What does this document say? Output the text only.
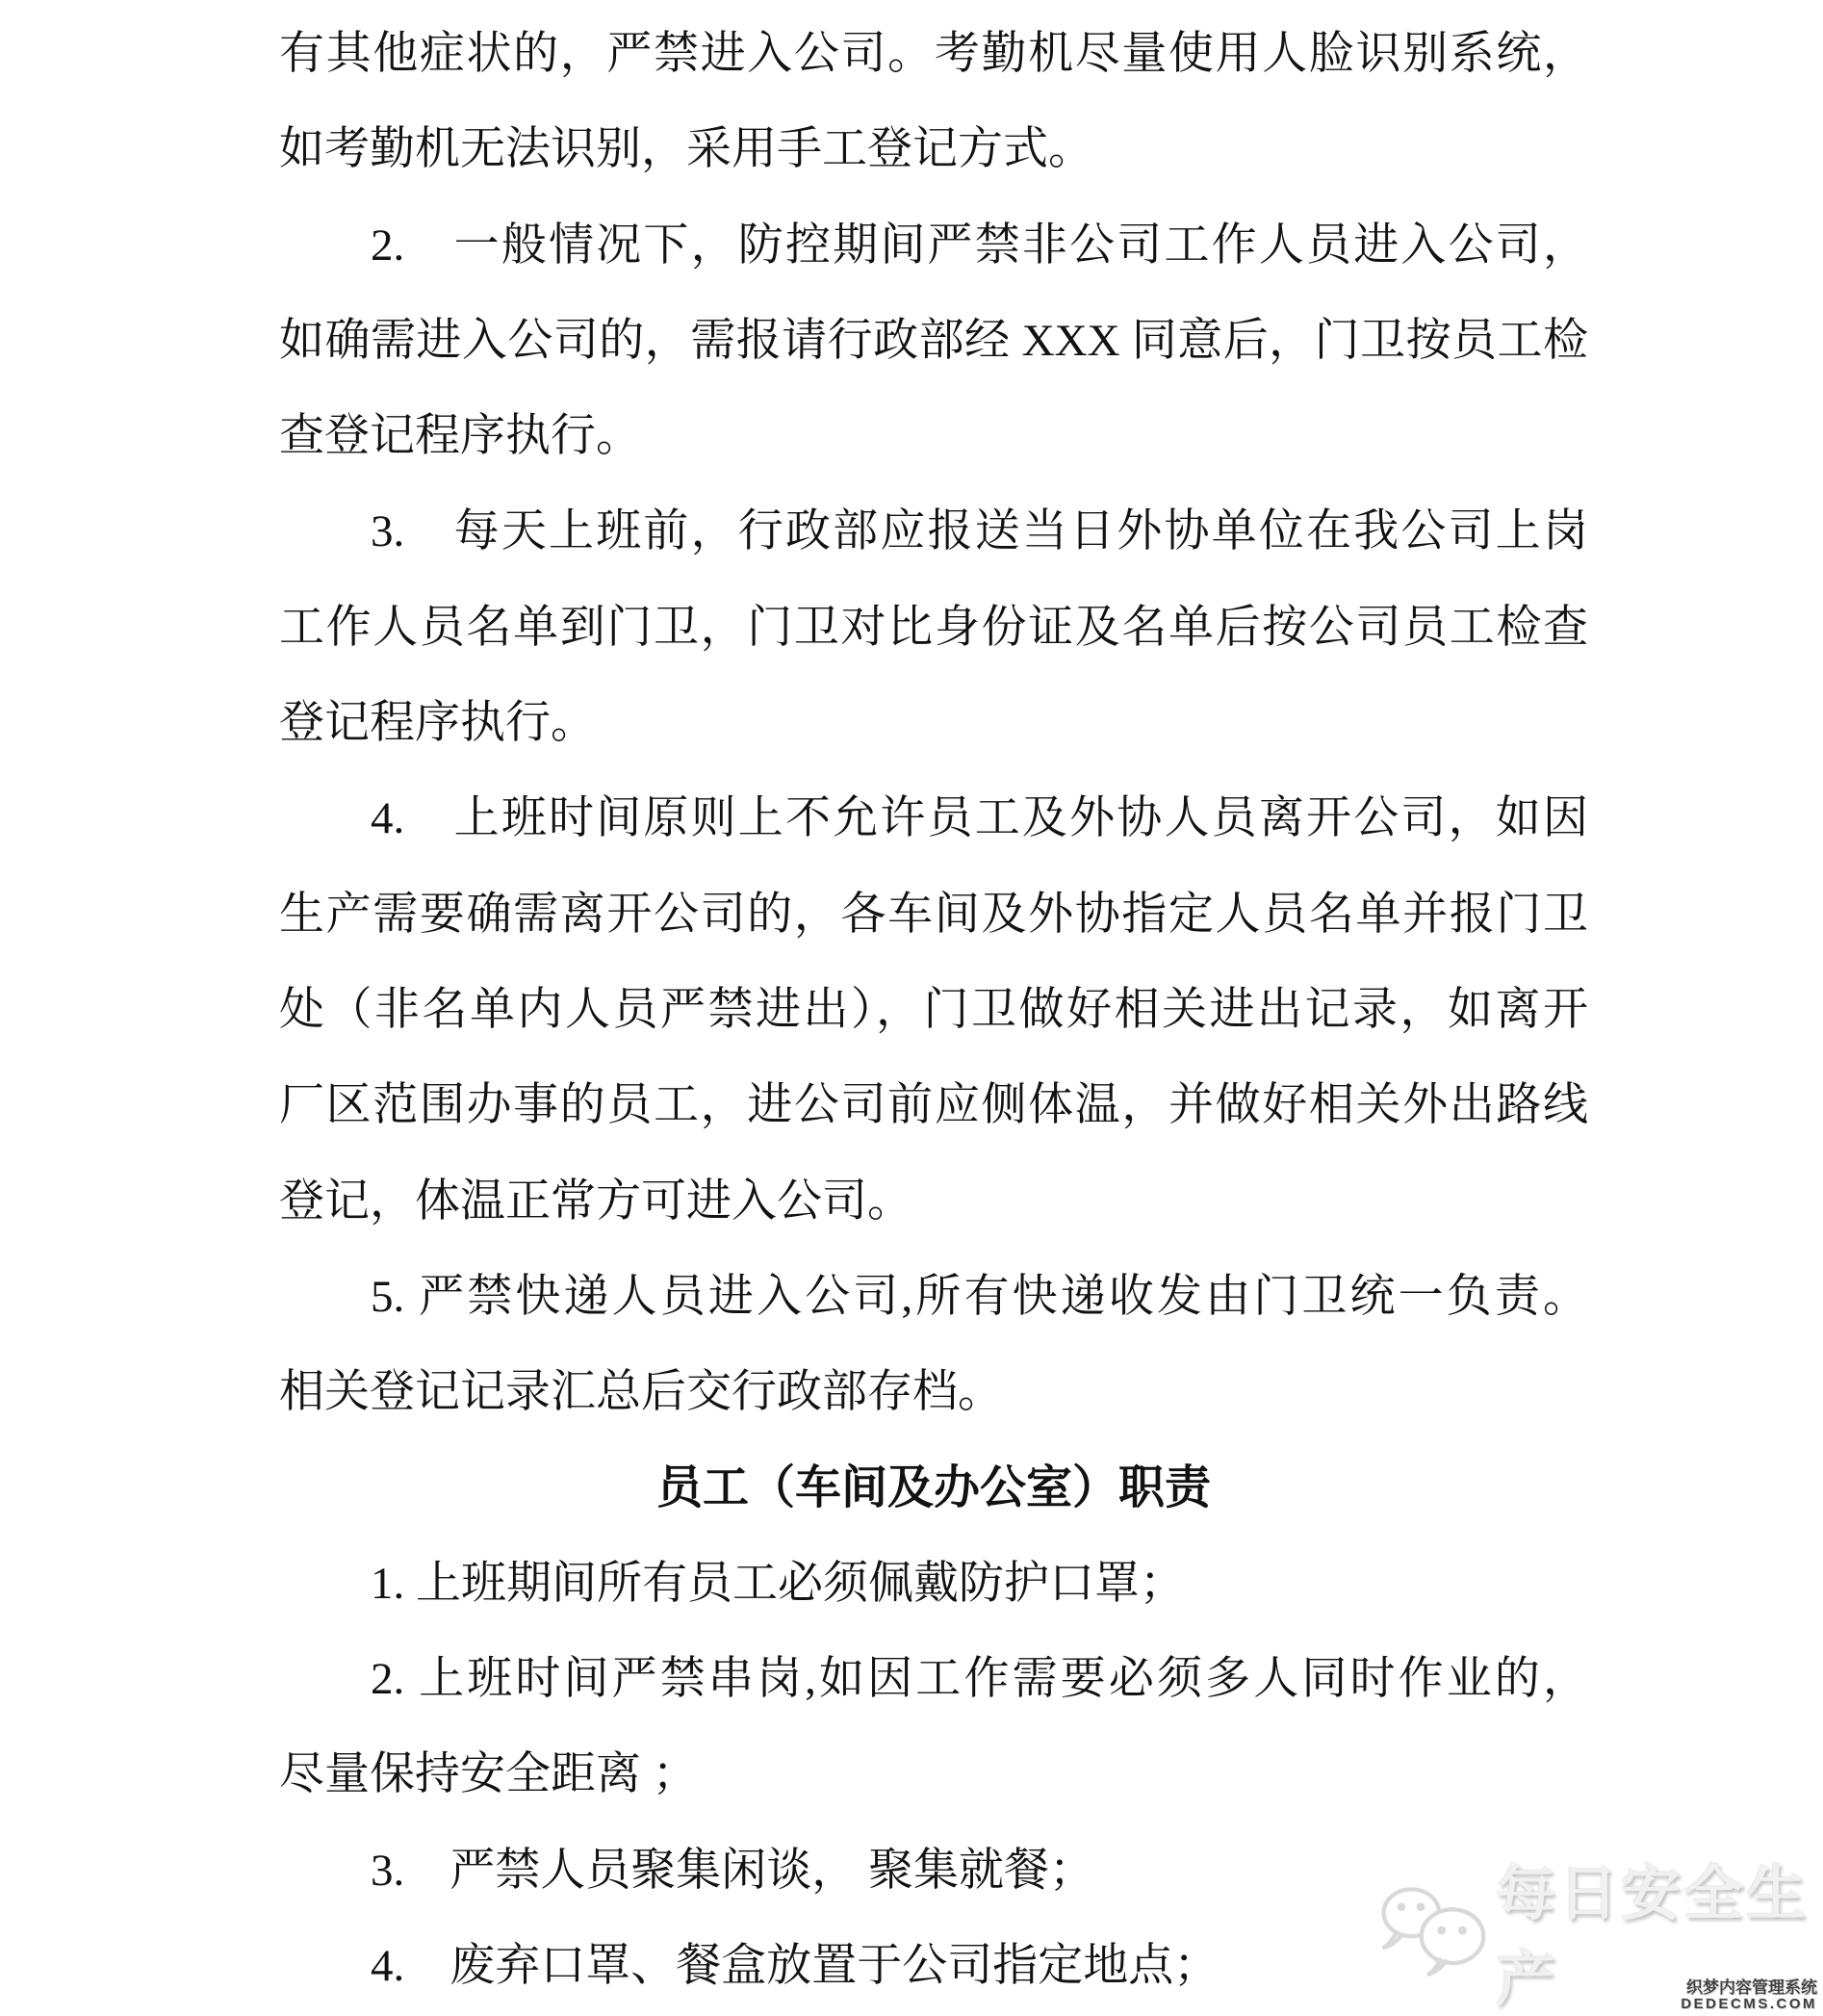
有其他症状的，严禁进入公司。考勤机尽量使用人脸识别系统，
如考勤机无法识别，采用手工登记方式。
2.　一般情况下，防控期间严禁非公司工作人员进入公司，
如确需进入公司的，需报请行政部经 XXX 同意后，门卫按员工检
查登记程序执行。
3.　每天上班前，行政部应报送当日外协单位在我公司上岗
工作人员名单到门卫，门卫对比身份证及名单后按公司员工检查
登记程序执行。
4.　上班时间原则上不允许员工及外协人员离开公司，如因
生产需要确需离开公司的，各车间及外协指定人员名单并报门卫
处（非名单内人员严禁进出），门卫做好相关进出记录，如离开
厂区范围办事的员工，进公司前应侧体温，并做好相关外出路线
登记，体温正常方可进入公司。
5. 严禁快递人员进入公司,所有快递收发由门卫统一负责。
相关登记记录汇总后交行政部存档。
员工（车间及办公室）职责
1. 上班期间所有员工必须佩戴防护口罩；
2. 上班时间严禁串岗,如因工作需要必须多人同时作业的，
尽量保持安全距离 ；
3.　严禁人员聚集闲谈， 聚集就餐；
4.　废弃口罩、餐盒放置于公司指定地点；
每日安全生产	织梦内容管理系统
DEDECMS.COM
